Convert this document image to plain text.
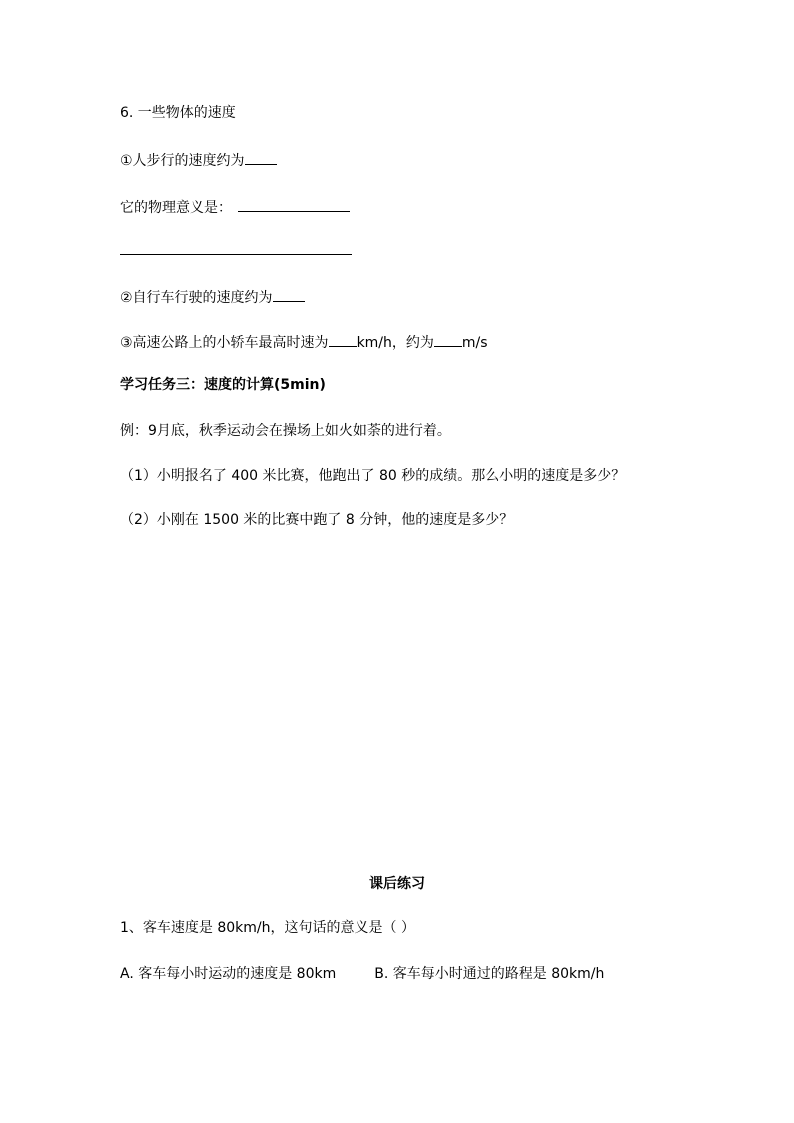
6. 一些物体的速度
①人步行的速度约为
它的物理意义是：
②自行车行驶的速度约为
③高速公路上的小轿车最高时速为 km/h，约为 m/s
学习任务三：速度的计算(5min)
例：9月底，秋季运动会在操场上如火如荼的进行着。
（1）小明报名了 400 米比赛，他跑出了 80 秒的成绩。那么小明的速度是多少？
（2）小刚在 1500 米的比赛中跑了 8 分钟，他的速度是多少？
课后练习
1、客车速度是 80km/h，这句话的意义是（ ）
A. 客车每小时运动的速度是 80km	B. 客车每小时通过的路程是 80km/h
